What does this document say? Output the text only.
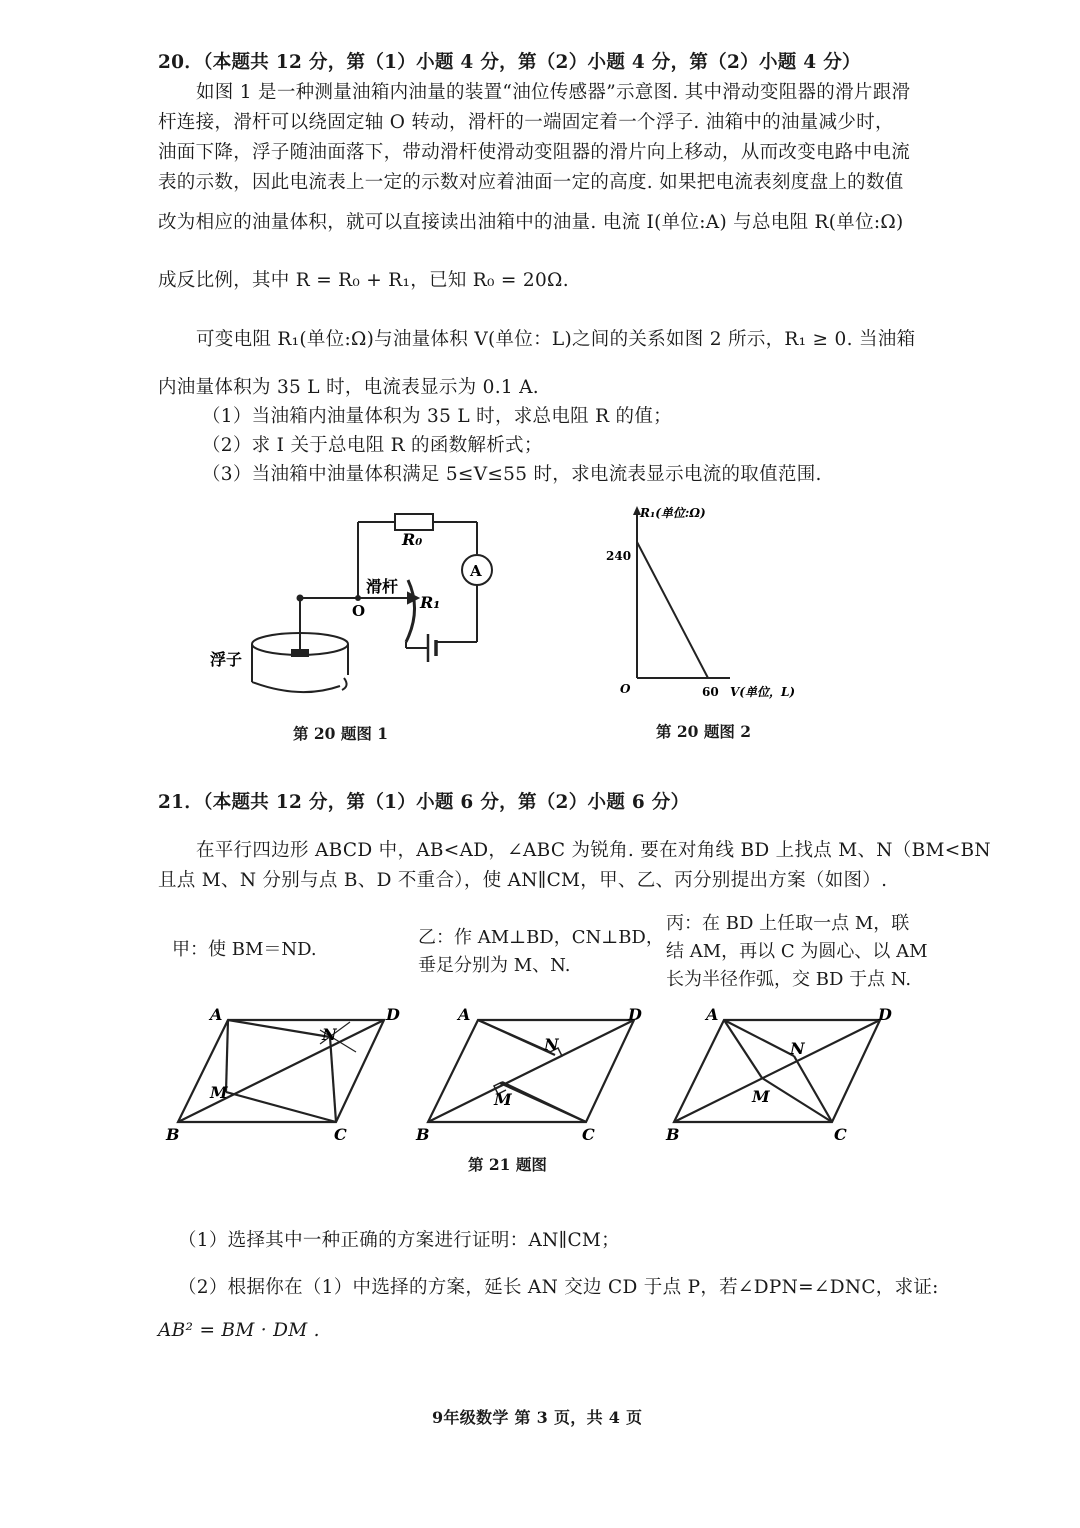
20．（本题共 12 分，第（1）小题 4 分，第（2）小题 4 分，第（2）小题 4 分）
如图 1 是一种测量油箱内油量的装置“油位传感器”示意图. 其中滑动变阻器的滑片跟滑
杆连接，滑杆可以绕固定轴 O 转动，滑杆的一端固定着一个浮子. 油箱中的油量减少时，
油面下降，浮子随油面落下，带动滑杆使滑动变阻器的滑片向上移动，从而改变电路中电流
表的示数，因此电流表上一定的示数对应着油面一定的高度. 如果把电流表刻度盘上的数值
改为相应的油量体积，就可以直接读出油箱中的油量. 电流 I(单位:A) 与总电阻 R(单位:Ω)
成反比例，其中 R = R₀ + R₁，已知 R₀ = 20Ω.
可变电阻 R₁(单位:Ω)与油量体积 V(单位：L)之间的关系如图 2 所示，R₁ ≥ 0. 当油箱
内油量体积为 35 L 时，电流表显示为 0.1 A.
（1）当油箱内油量体积为 35 L 时，求总电阻 R 的值；
（2）求 I 关于总电阻 R 的函数解析式；
（3）当油箱中油量体积满足 5≤V≤55 时，求电流表显示电流的取值范围.
R₀
A
滑杆
O	R₁
浮子
第 20 题图 1
R₁(单位:Ω)
240
O	60 V(单位，L)
第 20 题图 2
21．（本题共 12 分，第（1）小题 6 分，第（2）小题 6 分）
在平行四边形 ABCD 中，AB<AD，∠ABC 为锐角. 要在对角线 BD 上找点 M、N（BM<BN
且点 M、N 分别与点 B、D 不重合），使 AN∥CM，甲、乙、丙分别提出方案（如图）.
甲：使 BM＝ND.
乙：作 AM⊥BD，CN⊥BD，
垂足分别为 M、N.
丙：在 BD 上任取一点 M，联
结 AM，再以 C 为圆心、以 AM
长为半径作弧，交 BD 于点 N.
A	D
B	C
M
N
A	D
B	C
M
N
A	D
B	C
M
N
第 21 题图
（1）选择其中一种正确的方案进行证明：AN∥CM；
（2）根据你在（1）中选择的方案，延长 AN 交边 CD 于点 P，若∠DPN=∠DNC，求证:
AB² = BM · DM .
9年级数学 第 3 页，共 4 页
